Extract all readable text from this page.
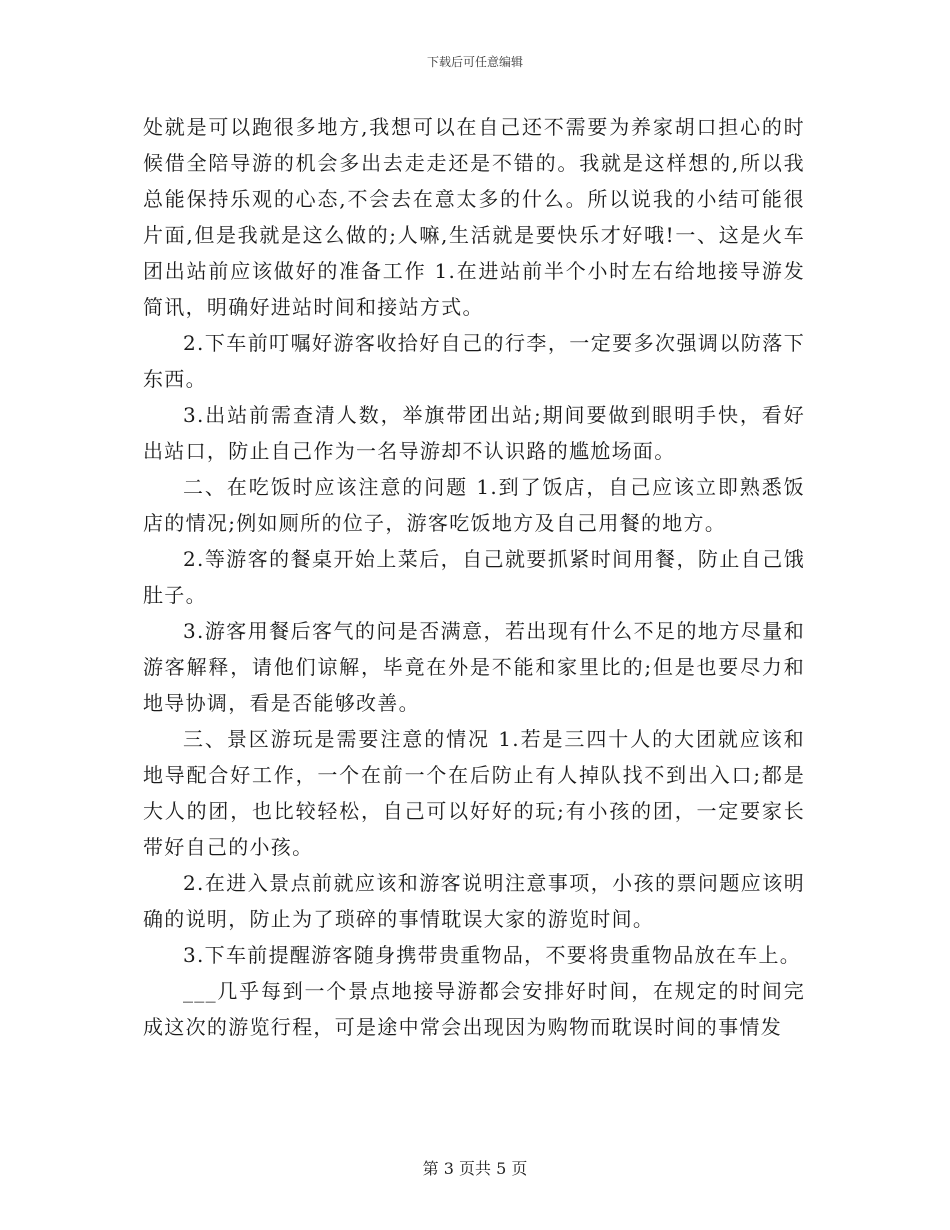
下载后可任意编辑

处就是可以跑很多地方,我想可以在自己还不需要为养家胡口担心的时候借全陪导游的机会多出去走走还是不错的。我就是这样想的,所以我总能保持乐观的心态,不会去在意太多的什么。所以说我的小结可能很片面,但是我就是这么做的;人嘛,生活就是要快乐才好哦!一、这是火车团出站前应该做好的准备工作 1.在进站前半个小时左右给地接导游发简讯，明确好进站时间和接站方式。

2.下车前叮嘱好游客收拾好自己的行李，一定要多次强调以防落下东西。

3.出站前需查清人数，举旗带团出站;期间要做到眼明手快，看好出站口，防止自己作为一名导游却不认识路的尴尬场面。

二、在吃饭时应该注意的问题 1.到了饭店，自己应该立即熟悉饭店的情况;例如厕所的位子，游客吃饭地方及自己用餐的地方。

2.等游客的餐桌开始上菜后，自己就要抓紧时间用餐，防止自己饿肚子。

3.游客用餐后客气的问是否满意，若出现有什么不足的地方尽量和游客解释，请他们谅解，毕竟在外是不能和家里比的;但是也要尽力和地导协调，看是否能够改善。

三、景区游玩是需要注意的情况 1.若是三四十人的大团就应该和地导配合好工作，一个在前一个在后防止有人掉队找不到出入口;都是大人的团，也比较轻松，自己可以好好的玩;有小孩的团，一定要家长带好自己的小孩。

2.在进入景点前就应该和游客说明注意事项，小孩的票问题应该明确的说明，防止为了琐碎的事情耽误大家的游览时间。

3.下车前提醒游客随身携带贵重物品，不要将贵重物品放在车上。

___几乎每到一个景点地接导游都会安排好时间，在规定的时间完成这次的游览行程，可是途中常会出现因为购物而耽误时间的事情发

第 3 页共 5 页
